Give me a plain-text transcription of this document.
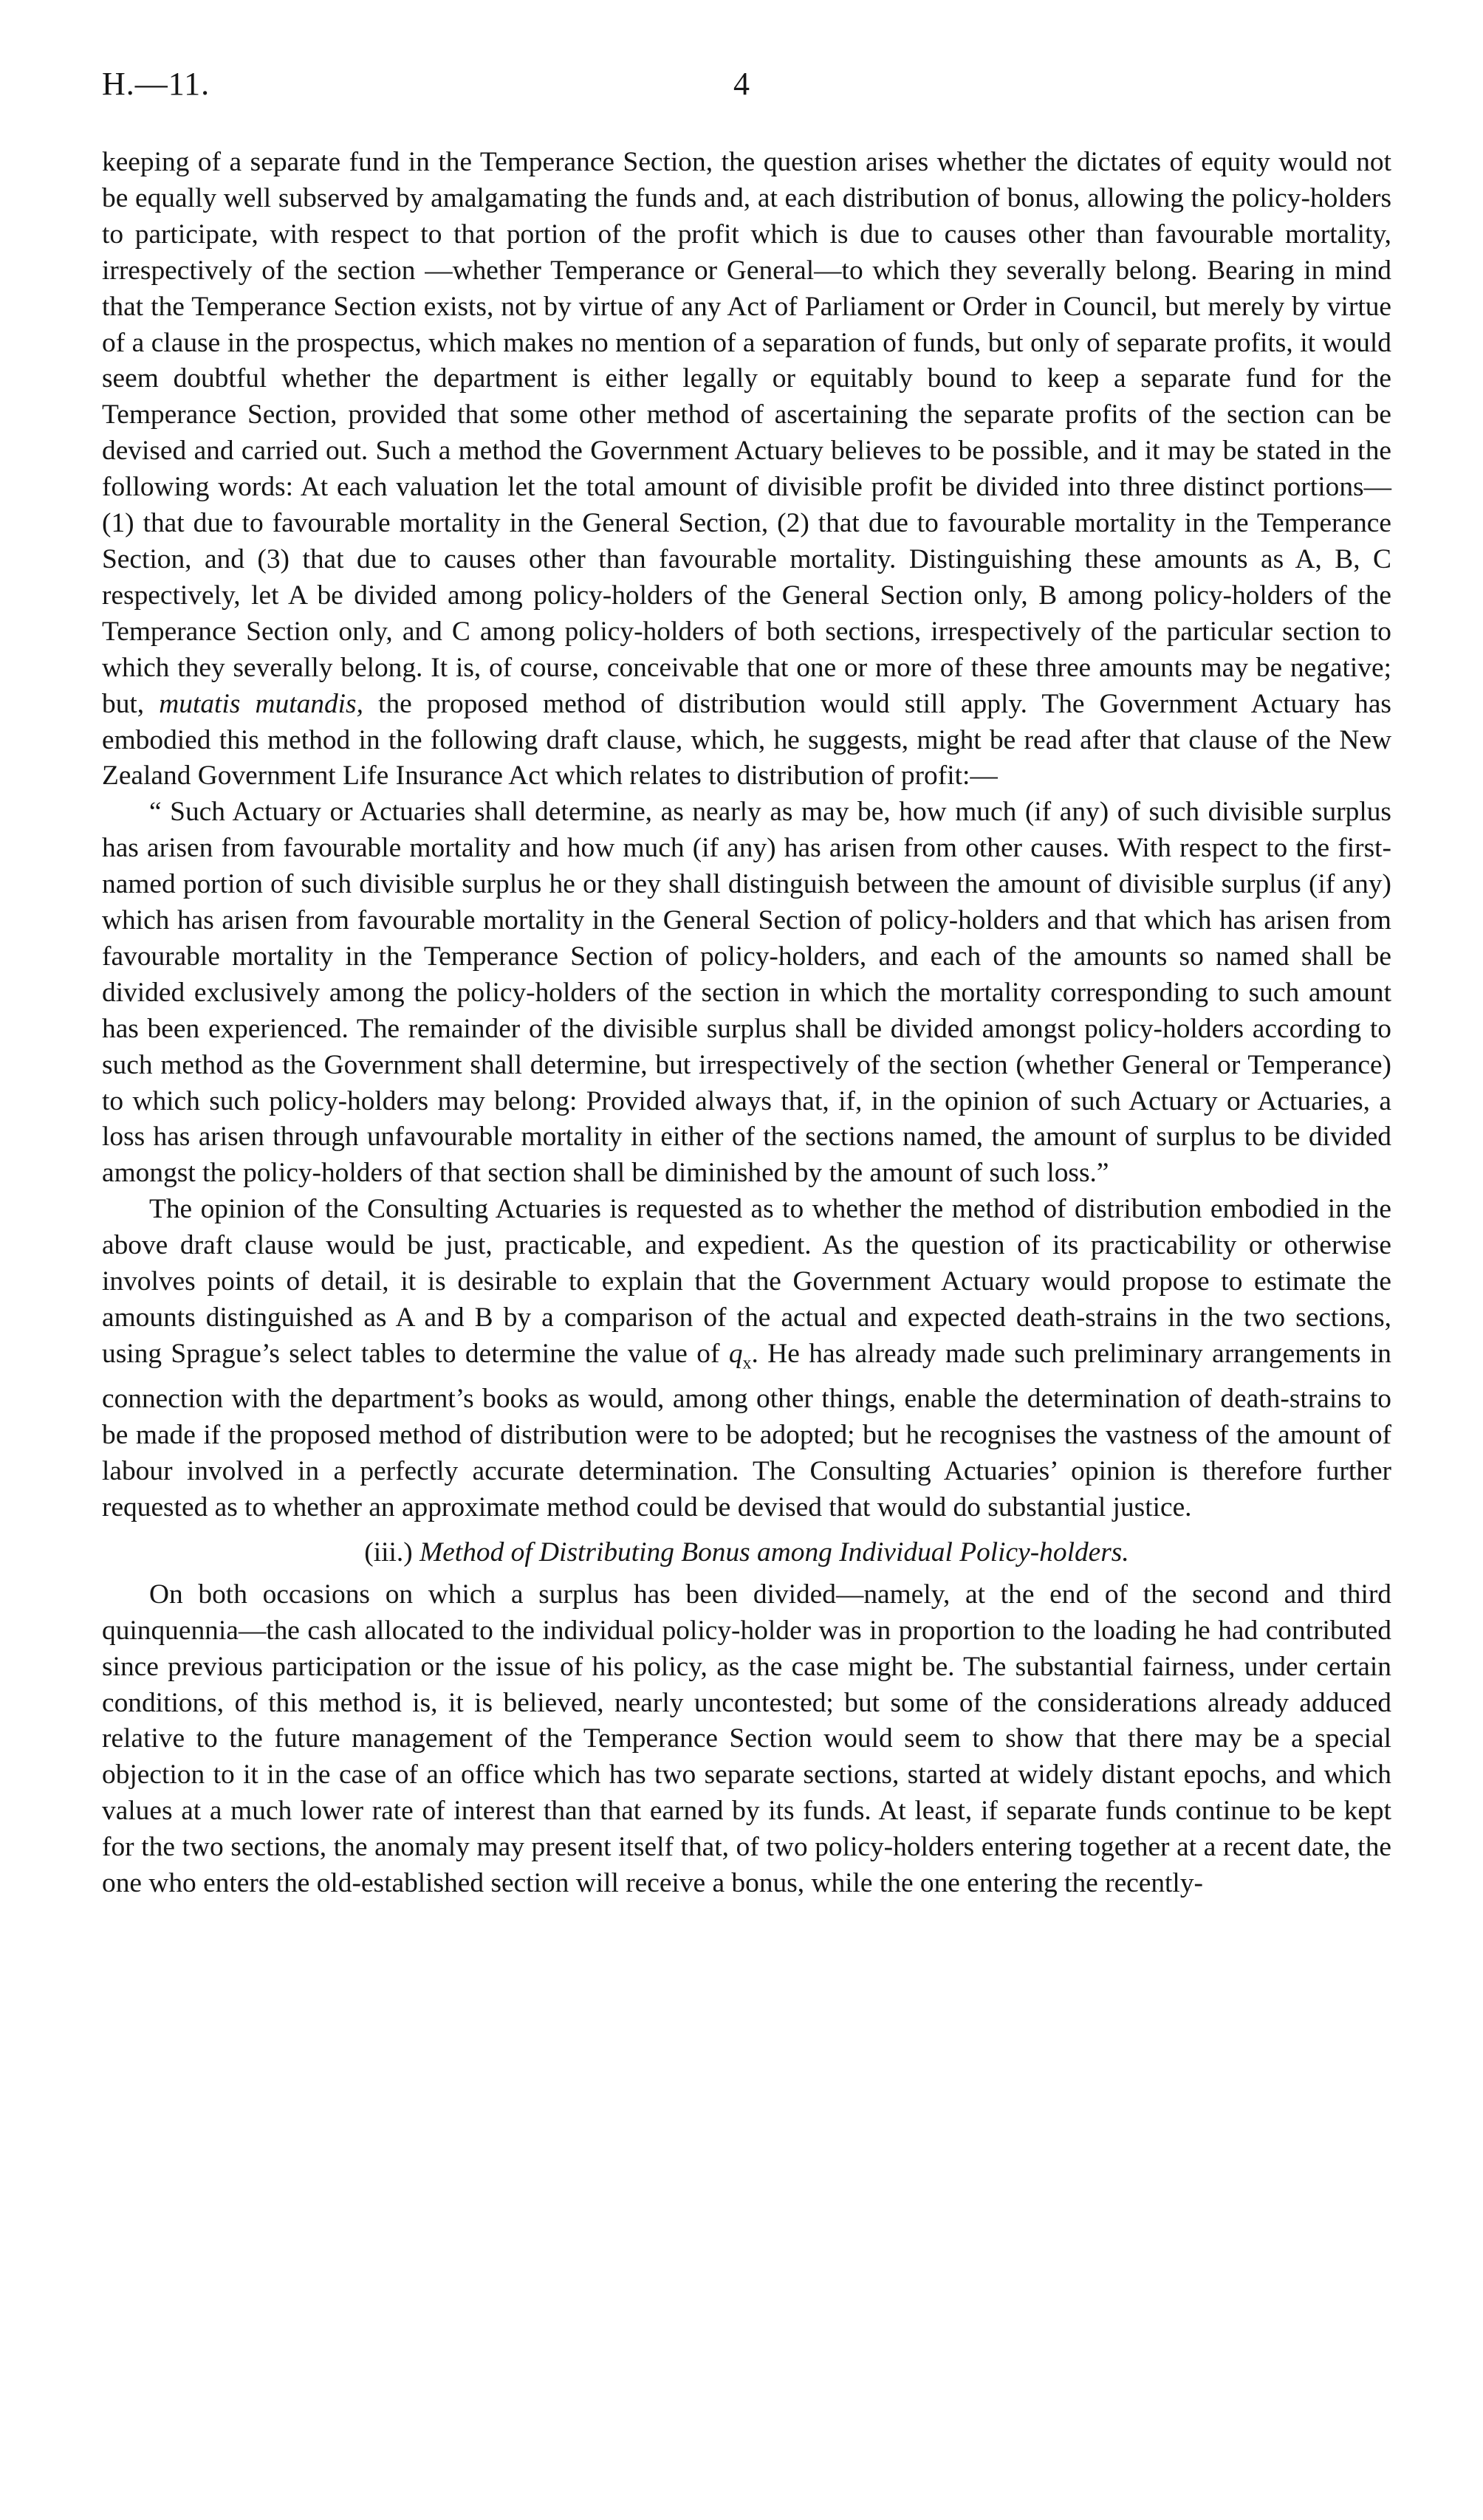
H.—11.	4

keeping of a separate fund in the Temperance Section, the question arises whether the dictates of equity would not be equally well subserved by amalgamating the funds and, at each distribution of bonus, allowing the policy-holders to participate, with respect to that portion of the profit which is due to causes other than favourable mortality, irrespectively of the section —whether Temperance or General—to which they severally belong. Bearing in mind that the Temperance Section exists, not by virtue of any Act of Parliament or Order in Council, but merely by virtue of a clause in the prospectus, which makes no mention of a separation of funds, but only of separate profits, it would seem doubtful whether the department is either legally or equitably bound to keep a separate fund for the Temperance Section, provided that some other method of ascertaining the separate profits of the section can be devised and carried out. Such a method the Government Actuary believes to be possible, and it may be stated in the following words: At each valuation let the total amount of divisible profit be divided into three distinct portions—(1) that due to favourable mortality in the General Section, (2) that due to favourable mortality in the Temperance Section, and (3) that due to causes other than favourable mortality. Distinguishing these amounts as A, B, C respectively, let A be divided among policy-holders of the General Section only, B among policy-holders of the Temperance Section only, and C among policy-holders of both sections, irrespectively of the particular section to which they severally belong. It is, of course, conceivable that one or more of these three amounts may be negative; but, mutatis mutandis, the proposed method of distribution would still apply. The Government Actuary has embodied this method in the following draft clause, which, he suggests, might be read after that clause of the New Zealand Government Life Insurance Act which relates to distribution of profit:—

“ Such Actuary or Actuaries shall determine, as nearly as may be, how much (if any) of such divisible surplus has arisen from favourable mortality and how much (if any) has arisen from other causes. With respect to the first-named portion of such divisible surplus he or they shall distinguish between the amount of divisible surplus (if any) which has arisen from favourable mortality in the General Section of policy-holders and that which has arisen from favourable mortality in the Temperance Section of policy-holders, and each of the amounts so named shall be divided exclusively among the policy-holders of the section in which the mortality corresponding to such amount has been experienced. The remainder of the divisible surplus shall be divided amongst policy-holders according to such method as the Government shall determine, but irrespectively of the section (whether General or Temperance) to which such policy-holders may belong: Provided always that, if, in the opinion of such Actuary or Actuaries, a loss has arisen through unfavourable mortality in either of the sections named, the amount of surplus to be divided amongst the policy-holders of that section shall be diminished by the amount of such loss.”

The opinion of the Consulting Actuaries is requested as to whether the method of distribution embodied in the above draft clause would be just, practicable, and expedient. As the question of its practicability or otherwise involves points of detail, it is desirable to explain that the Government Actuary would propose to estimate the amounts distinguished as A and B by a comparison of the actual and expected death-strains in the two sections, using Sprague’s select tables to determine the value of $q_x$. He has already made such preliminary arrangements in connection with the department’s books as would, among other things, enable the determination of death-strains to be made if the proposed method of distribution were to be adopted; but he recognises the vastness of the amount of labour involved in a perfectly accurate determination. The Consulting Actuaries’ opinion is therefore further requested as to whether an approximate method could be devised that would do substantial justice.

(iii.) Method of Distributing Bonus among Individual Policy-holders.

On both occasions on which a surplus has been divided—namely, at the end of the second and third quinquennia—the cash allocated to the individual policy-holder was in proportion to the loading he had contributed since previous participation or the issue of his policy, as the case might be. The substantial fairness, under certain conditions, of this method is, it is believed, nearly uncontested; but some of the considerations already adduced relative to the future management of the Temperance Section would seem to show that there may be a special objection to it in the case of an office which has two separate sections, started at widely distant epochs, and which values at a much lower rate of interest than that earned by its funds. At least, if separate funds continue to be kept for the two sections, the anomaly may present itself that, of two policy-holders entering together at a recent date, the one who enters the old-established section will receive a bonus, while the one entering the recently-
